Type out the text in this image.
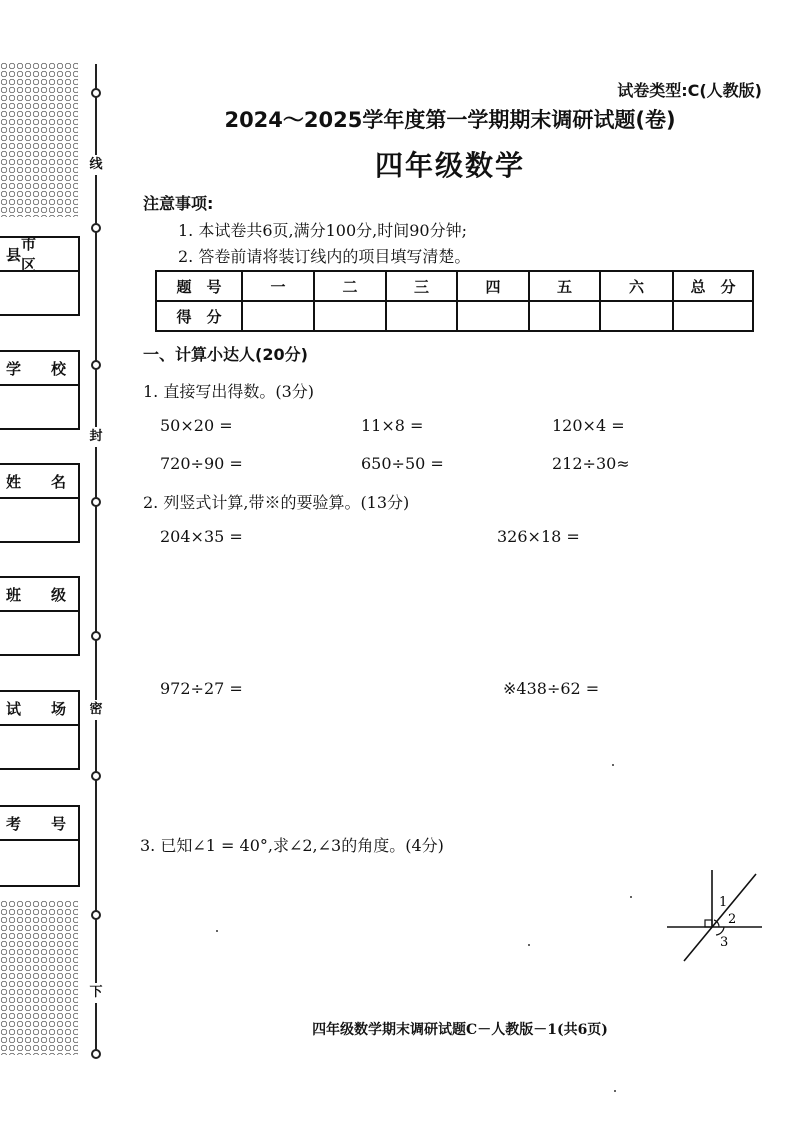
县
市　区
学 校
姓 名
班 级
试 场
考 号
线
封
密
下
试卷类型:C(人教版)
2024～2025学年度第一学期期末调研试题(卷)
四年级数学
注意事项:
1. 本试卷共6页,满分100分,时间90分钟;
2. 答卷前请将装订线内的项目填写清楚。
题　号	一	二	三	四	五	六	总　分
得　分							
一、计算小达人(20分)
1. 直接写出得数。(3分)
50×20 =	11×8 =	120×4 =
720÷90 =	650÷50 =	212÷30≈
2. 列竖式计算,带※的要验算。(13分)
204×35 =	326×18 =
972÷27 =	※438÷62 =
3. 已知∠1 = 40°,求∠2,∠3的角度。(4分)
1
2
3
四年级数学期末调研试题C－人教版－1(共6页)
